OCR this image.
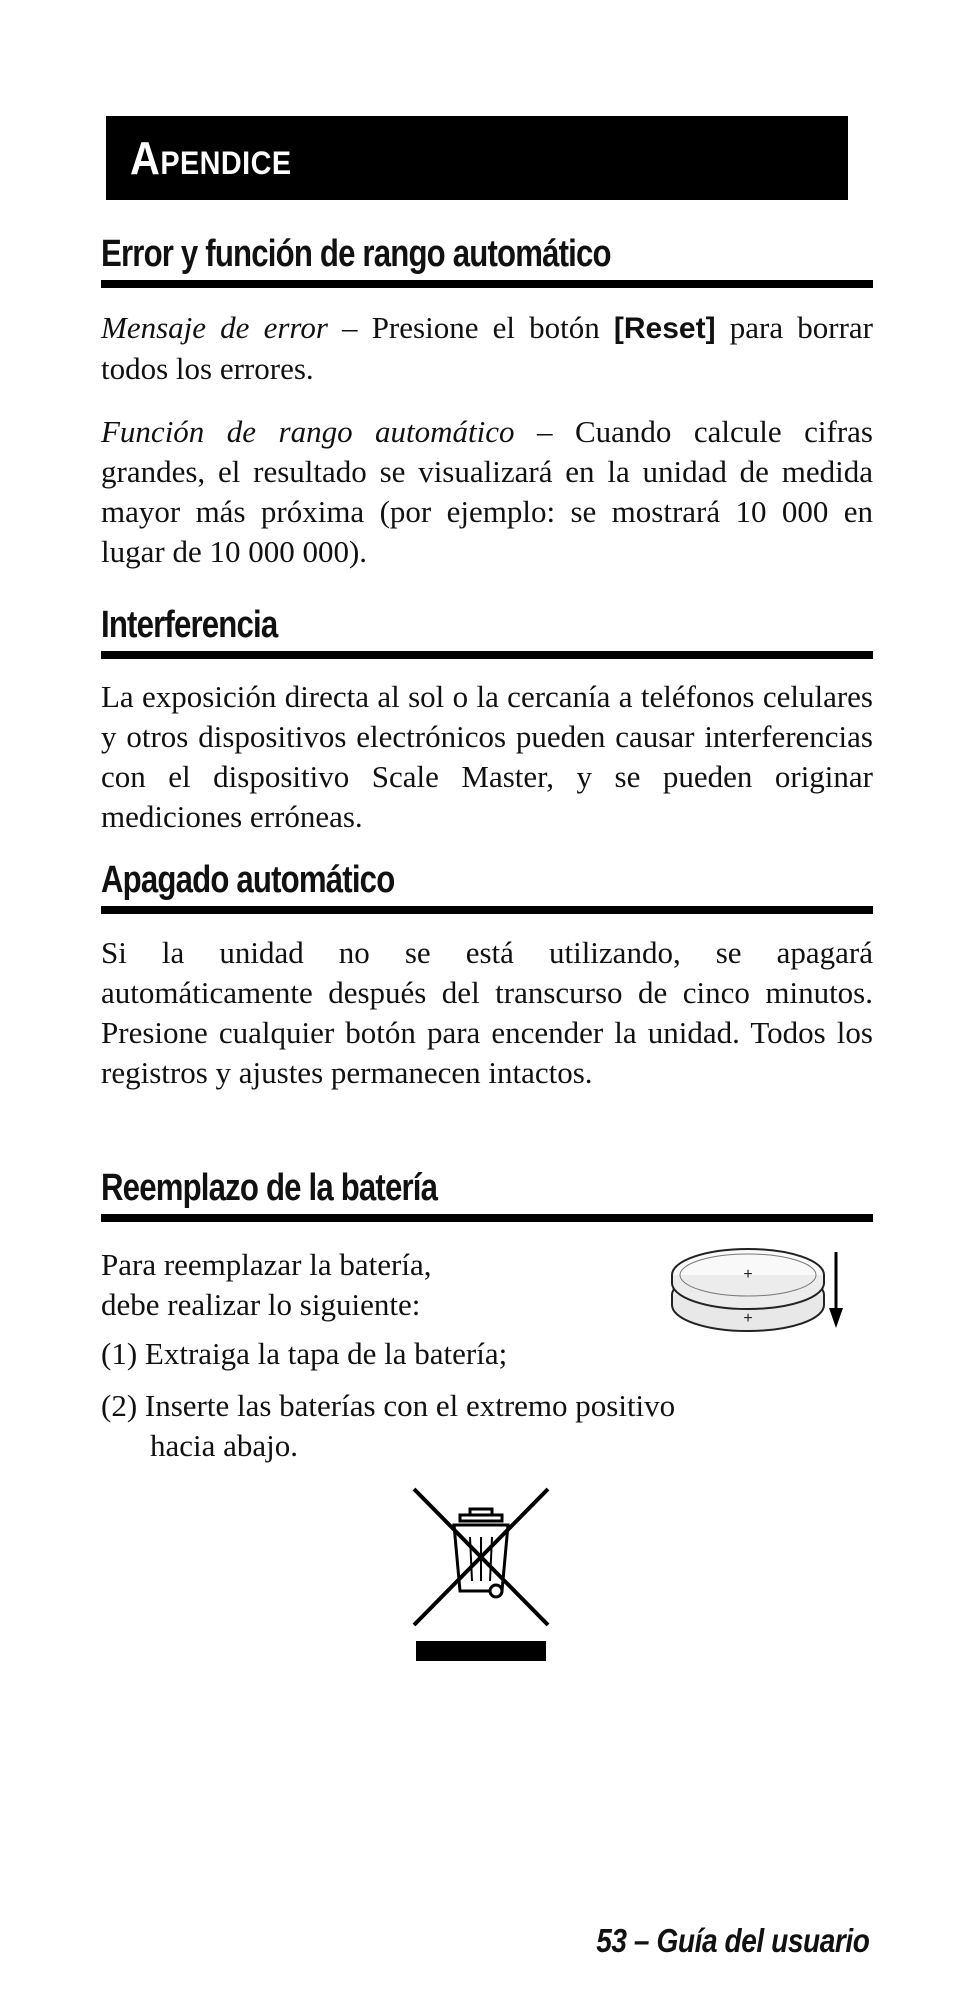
Apendice
Error y función de rango automático

Mensaje de error – Presione el botón [Reset] para borrar todos los errores.

Función de rango automático – Cuando calcule cifras grandes, el resultado se visualizará en la unidad de medida mayor más próxima (por ejemplo: se mostrará 10 000 en lugar de 10 000 000).

Interferencia

La exposición directa al sol o la cercanía a teléfonos celulares y otros dispositivos electrónicos pueden causar interferencias con el dispositivo Scale Master, y se pueden originar mediciones erróneas.

Apagado automático

Si la unidad no se está utilizando, se apagará automáticamente después del transcurso de cinco minutos. Presione cualquier botón para encender la unidad. Todos los registros y ajustes permanecen intactos.

Reemplazo de la batería

Para reemplazar la batería,

debe realizar lo siguiente:

(1) Extraiga la tapa de la batería;

(2) Inserte las baterías con el extremo positivo

hacia abajo.

+
+
53 – Guía del usuario
